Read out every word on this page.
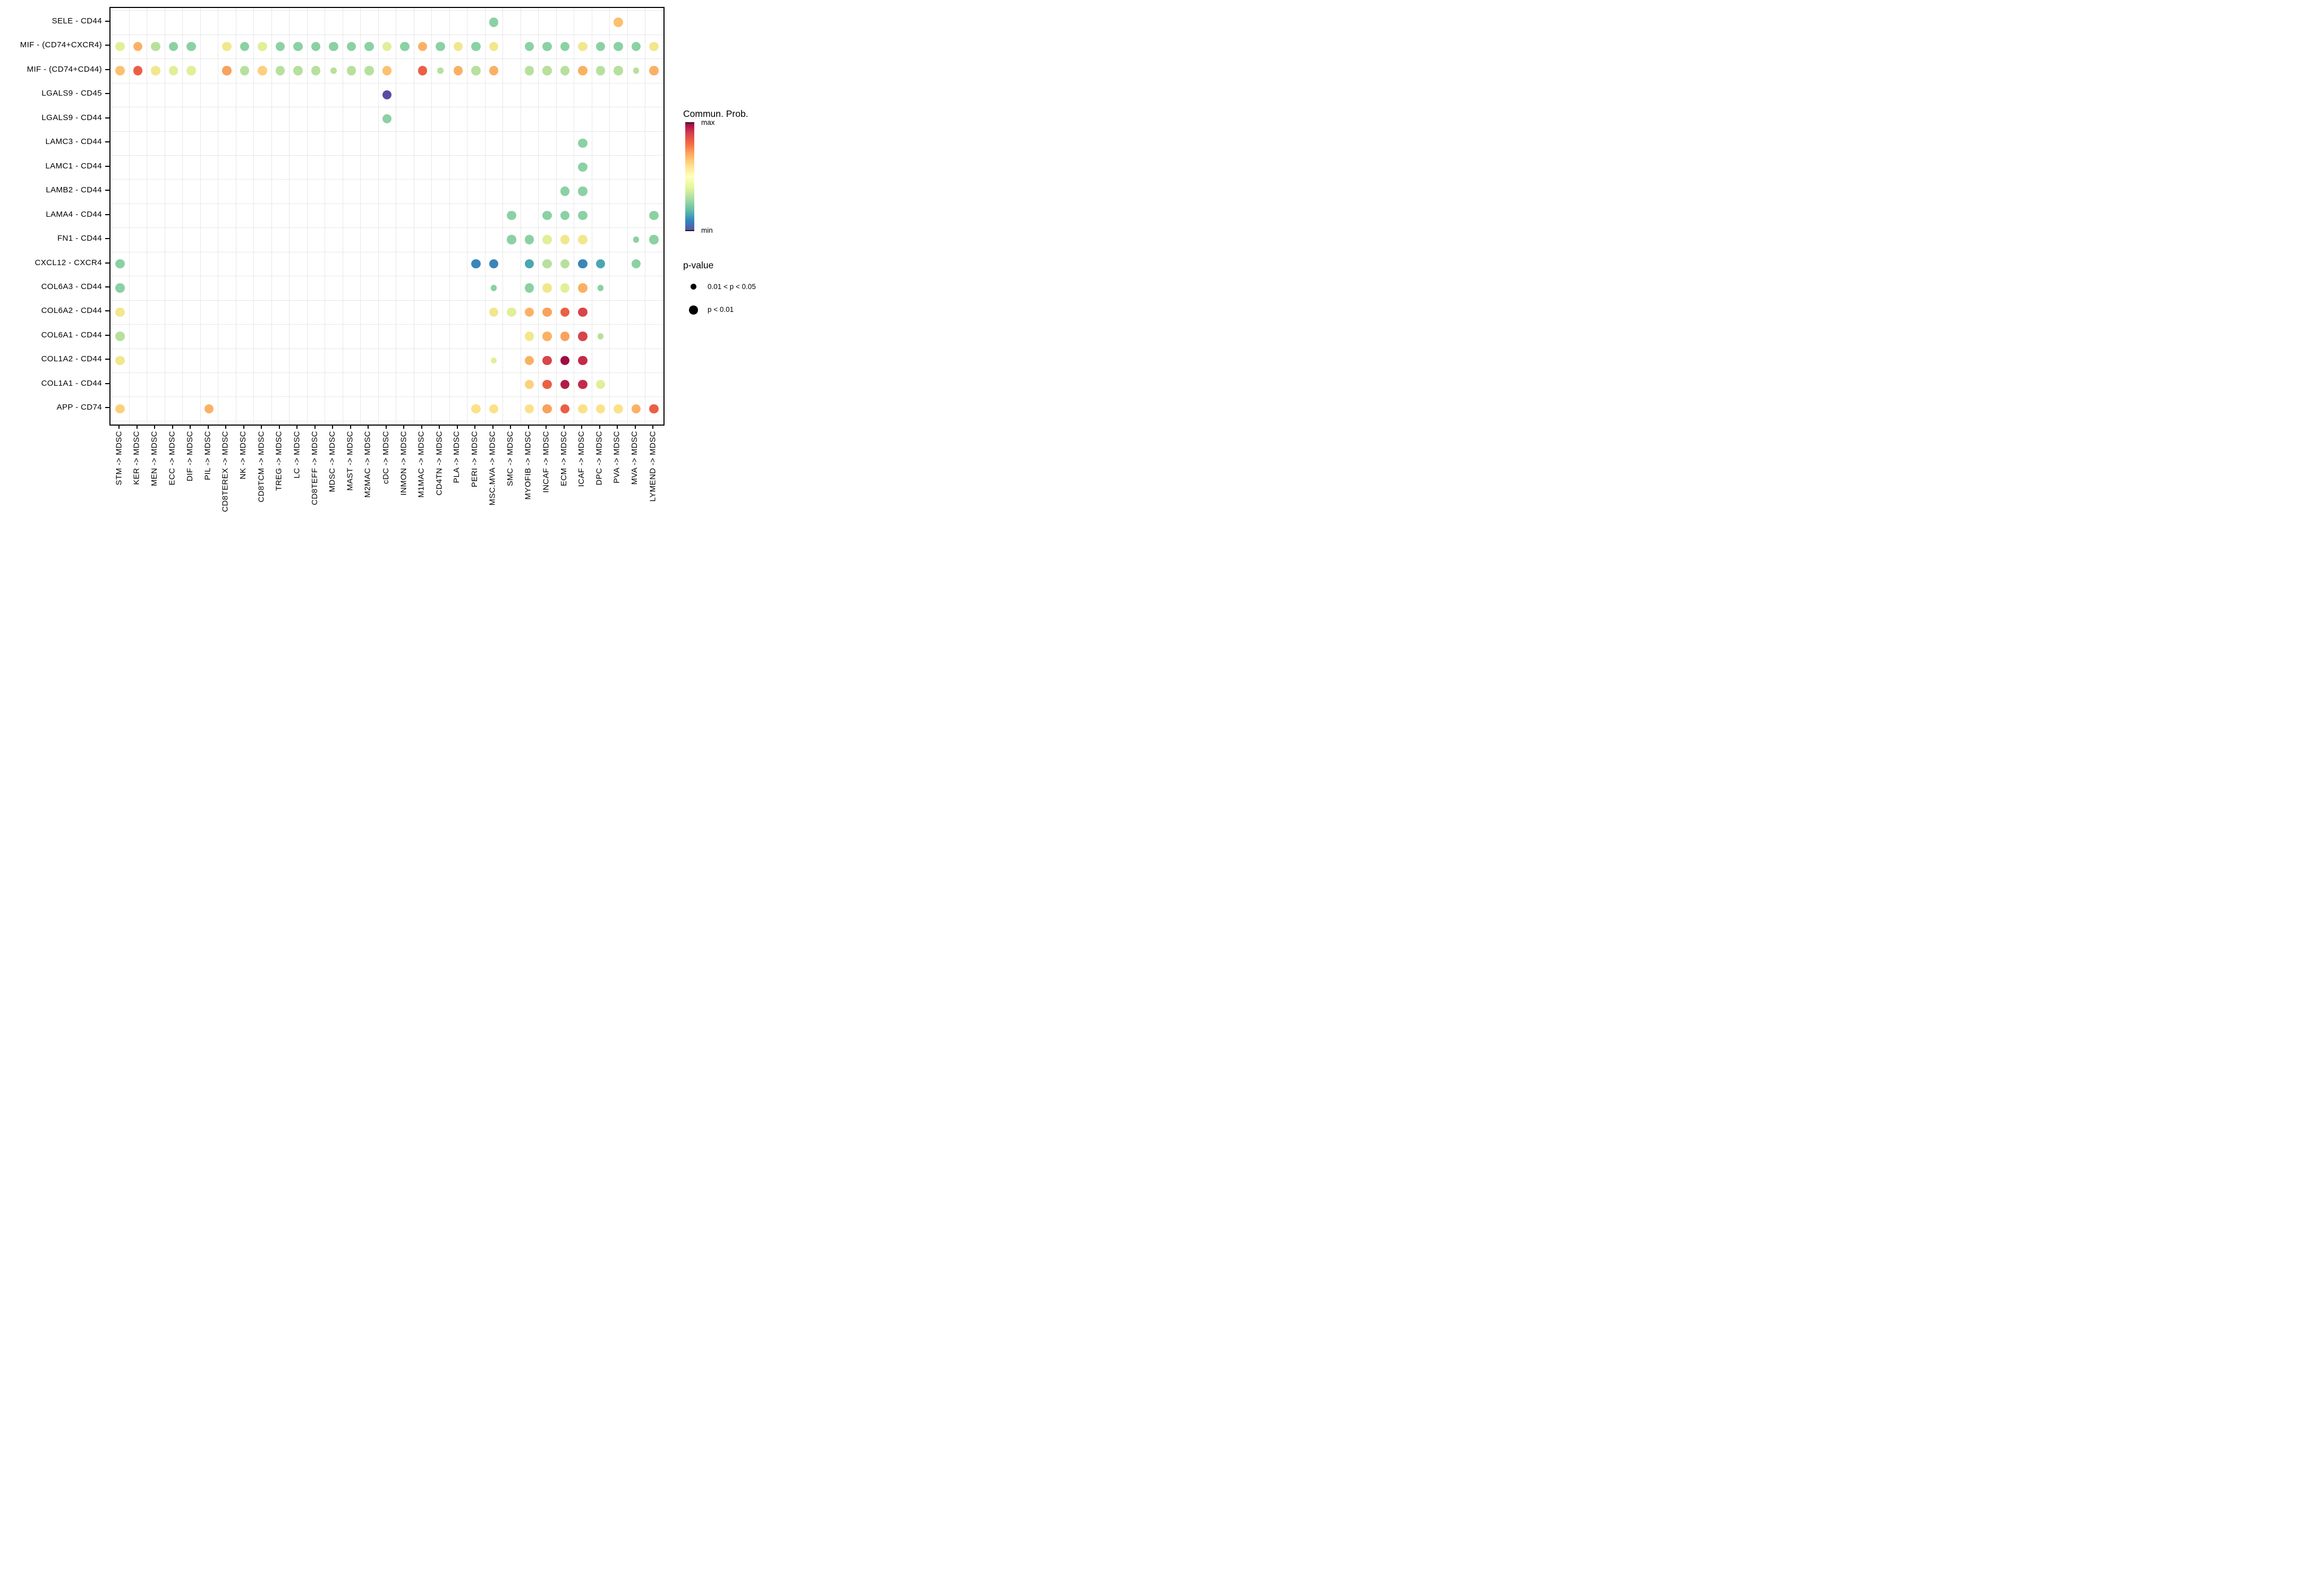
SELE - CD44
MIF - (CD74+CXCR4)
MIF - (CD74+CD44)
LGALS9 - CD45
LGALS9 - CD44
LAMC3 - CD44
LAMC1 - CD44
LAMB2 - CD44
LAMA4 - CD44
FN1 - CD44
CXCL12 - CXCR4
COL6A3 - CD44
COL6A2 - CD44
COL6A1 - CD44
COL1A2 - CD44
COL1A1 - CD44
APP - CD74
STM -> MDSC KER -> MDSC MEN -> MDSC ECC -> MDSC DIF -> MDSC PIL -> MDSC CD8TEREX -> MDSC NK -> MDSC CD8TCM -> MDSC TREG -> MDSC LC -> MDSC CD8TEFF -> MDSC MDSC -> MDSC MAST -> MDSC M2MAC -> MDSC cDC -> MDSC INMON -> MDSC M1MAC -> MDSC CD4TN -> MDSC PLA -> MDSC PERI -> MDSC MSC.MVA -> MDSC SMC -> MDSC MYOFIB -> MDSC INCAF -> MDSC ECM -> MDSC ICAF -> MDSC DPC -> MDSC PVA -> MDSC MVA -> MDSC LYMEND -> MDSC
Commun. Prob.
max
min
p-value
0.01 < p < 0.05
p < 0.01
